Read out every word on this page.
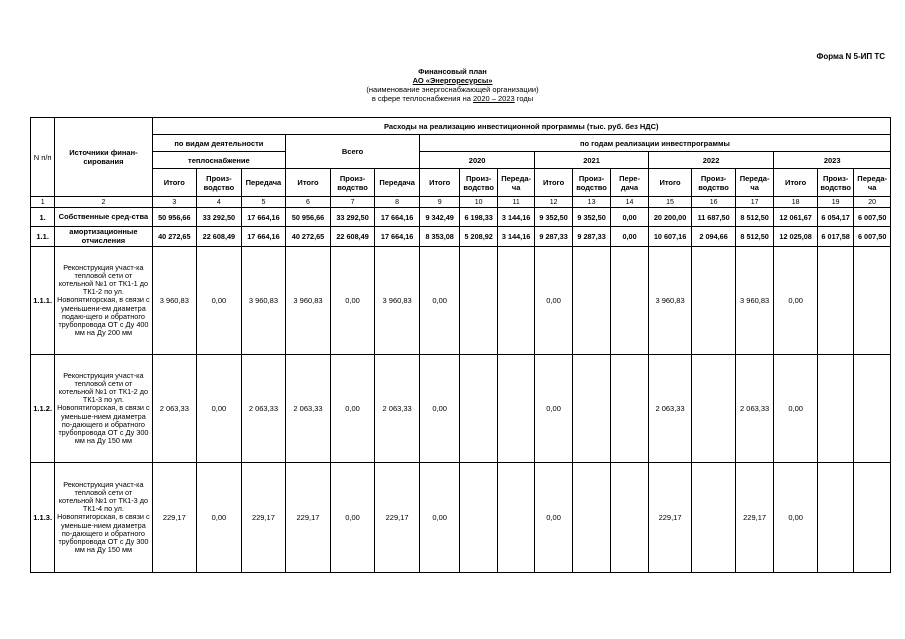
Форма N 5-ИП ТС
Финансовый план
АО «Энергоресурсы»
(наименование энергоснабжающей организации)
в сфере теплоснабжения на 2020 – 2023 годы
N п/п	Источники финан-сирования	Расходы на реализацию инвестиционной программы (тыс. руб. без НДС)																	
		по видам деятельности			Всего			по годам реализации инвестпрограммы											
		теплоснабжение						2020			2021			2022			2023		
		Итого	Произ-водство	Передача	Итого	Произ-водство	Передача	Итого	Произ-водство	Переда-ча	Итого	Произ-водство	Пере-дача	Итого	Произ-водство	Переда-ча	Итого	Произ-водство	Переда-ча
1	2	3	4	5	6	7	8	9	10	11	12	13	14	15	16	17	18	19	20
1.	Собственные сред-ства	50 956,66	33 292,50	17 664,16	50 956,66	33 292,50	17 664,16	9 342,49	6 198,33	3 144,16	9 352,50	9 352,50	0,00	20 200,00	11 687,50	8 512,50	12 061,67	6 054,17	6 007,50
1.1.	амортизационные отчисления	40 272,65	22 608,49	17 664,16	40 272,65	22 608,49	17 664,16	8 353,08	5 208,92	3 144,16	9 287,33	9 287,33	0,00	10 607,16	2 094,66	8 512,50	12 025,08	6 017,58	6 007,50
1.1.1.	Реконструкция участ-ка тепловой сети от котельной №1 от ТК1-1 до ТК1-2 по ул. Новопятигорская, в связи с уменьшени-ем диаметра подаю-щего и обратного трубопровода ОТ с Ду 400 мм на Ду 200 мм	3 960,83	0,00	3 960,83	3 960,83	0,00	3 960,83	0,00			0,00			3 960,83		3 960,83	0,00		
1.1.2.	Реконструкция участ-ка тепловой сети от котельной №1 от ТК1-2 до ТК1-3 по ул. Новопятигорская, в связи с уменьше-нием диаметра по-дающего и обратного трубопровода ОТ с Ду 300 мм на Ду 150 мм	2 063,33	0,00	2 063,33	2 063,33	0,00	2 063,33	0,00			0,00			2 063,33		2 063,33	0,00		
1.1.3.	Реконструкция участ-ка тепловой сети от котельной №1 от ТК1-3 до ТК1-4 по ул. Новопятигорская, в связи с уменьше-нием диаметра по-дающего и обратного трубопровода ОТ с Ду 300 мм на Ду 150 мм	229,17	0,00	229,17	229,17	0,00	229,17	0,00			0,00			229,17		229,17	0,00		
